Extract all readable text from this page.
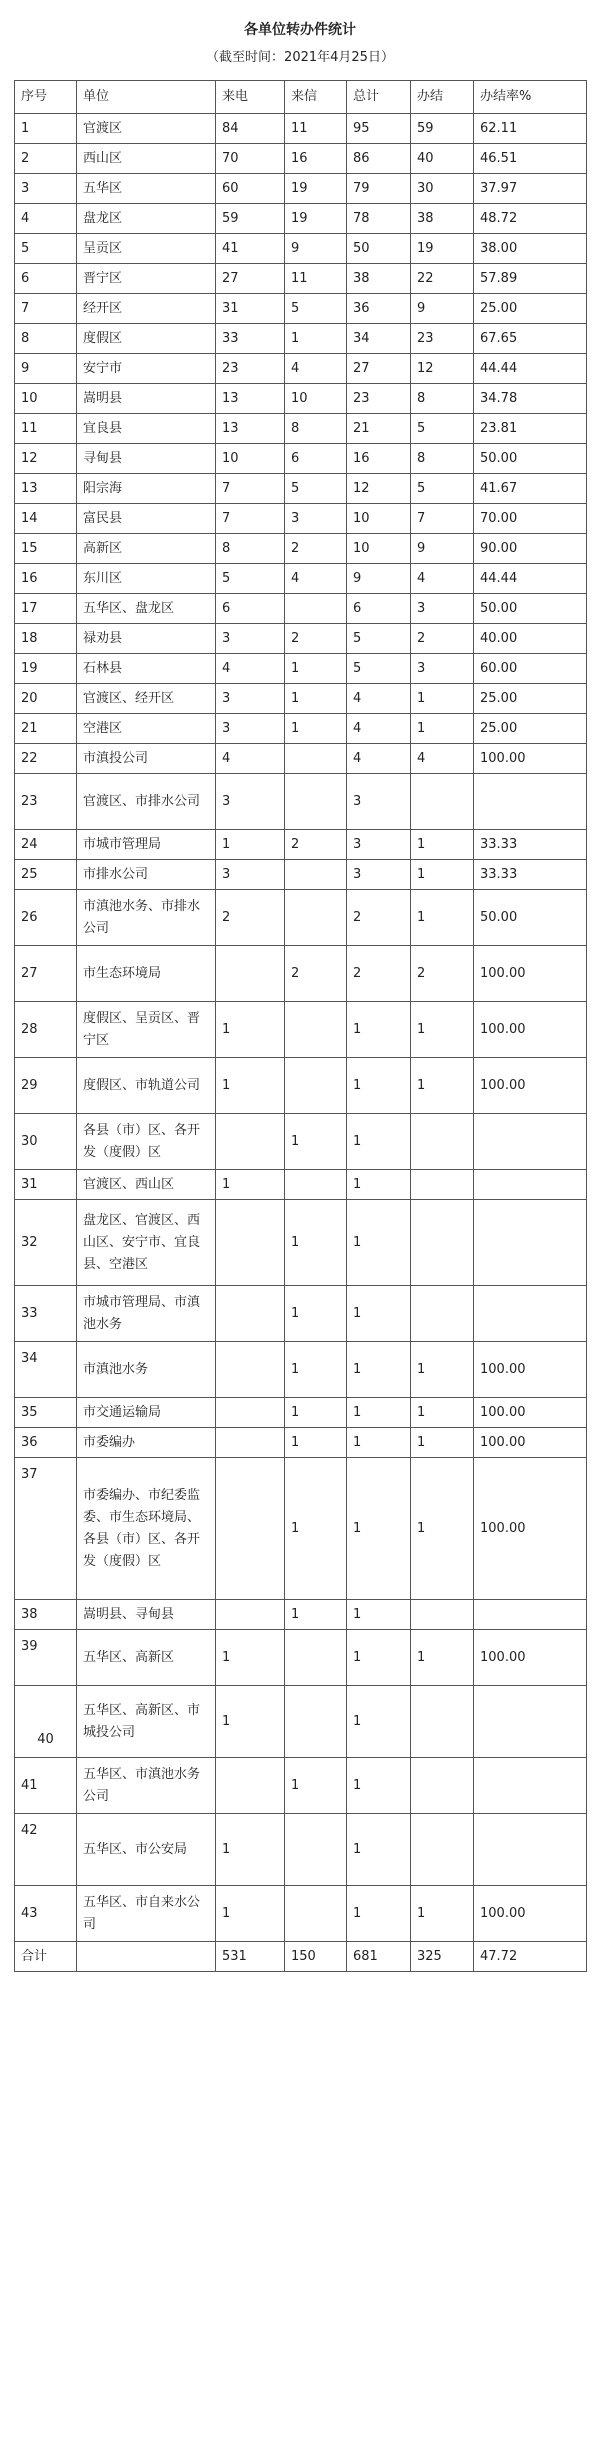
各单位转办件统计
（截至时间：2021年4月25日）
序号	单位	来电	来信	总计	办结	办结率%
1	官渡区	84	11	95	59	62.11
2	西山区	70	16	86	40	46.51
3	五华区	60	19	79	30	37.97
4	盘龙区	59	19	78	38	48.72
5	呈贡区	41	9	50	19	38.00
6	晋宁区	27	11	38	22	57.89
7	经开区	31	5	36	9	25.00
8	度假区	33	1	34	23	67.65
9	安宁市	23	4	27	12	44.44
10	嵩明县	13	10	23	8	34.78
11	宜良县	13	8	21	5	23.81
12	寻甸县	10	6	16	8	50.00
13	阳宗海	7	5	12	5	41.67
14	富民县	7	3	10	7	70.00
15	高新区	8	2	10	9	90.00
16	东川区	5	4	9	4	44.44
17	五华区、盘龙区	6		6	3	50.00
18	禄劝县	3	2	5	2	40.00
19	石林县	4	1	5	3	60.00
20	官渡区、经开区	3	1	4	1	25.00
21	空港区	3	1	4	1	25.00
22	市滇投公司	4		4	4	100.00
23	官渡区、市排水公司	3		3		
24	市城市管理局	1	2	3	1	33.33
25	市排水公司	3		3	1	33.33
26	市滇池水务、市排水公司	2		2	1	50.00
27	市生态环境局		2	2	2	100.00
28	度假区、呈贡区、晋宁区	1		1	1	100.00
29	度假区、市轨道公司	1		1	1	100.00
30	各县（市）区、各开发（度假）区		1	1		
31	官渡区、西山区	1		1		
32	盘龙区、官渡区、西山区、安宁市、宜良县、空港区		1	1		
33	市城市管理局、市滇池水务		1	1		
34	市滇池水务		1	1	1	100.00
35	市交通运输局		1	1	1	100.00
36	市委编办		1	1	1	100.00
37	市委编办、市纪委监委、市生态环境局、各县（市）区、各开发（度假）区		1	1	1	100.00
38	嵩明县、寻甸县		1	1		
39	五华区、高新区	1		1	1	100.00
40	五华区、高新区、市城投公司	1		1		
41	五华区、市滇池水务公司		1	1		
42	五华区、市公安局	1		1		
43	五华区、市自来水公司	1		1	1	100.00
合计		531	150	681	325	47.72
